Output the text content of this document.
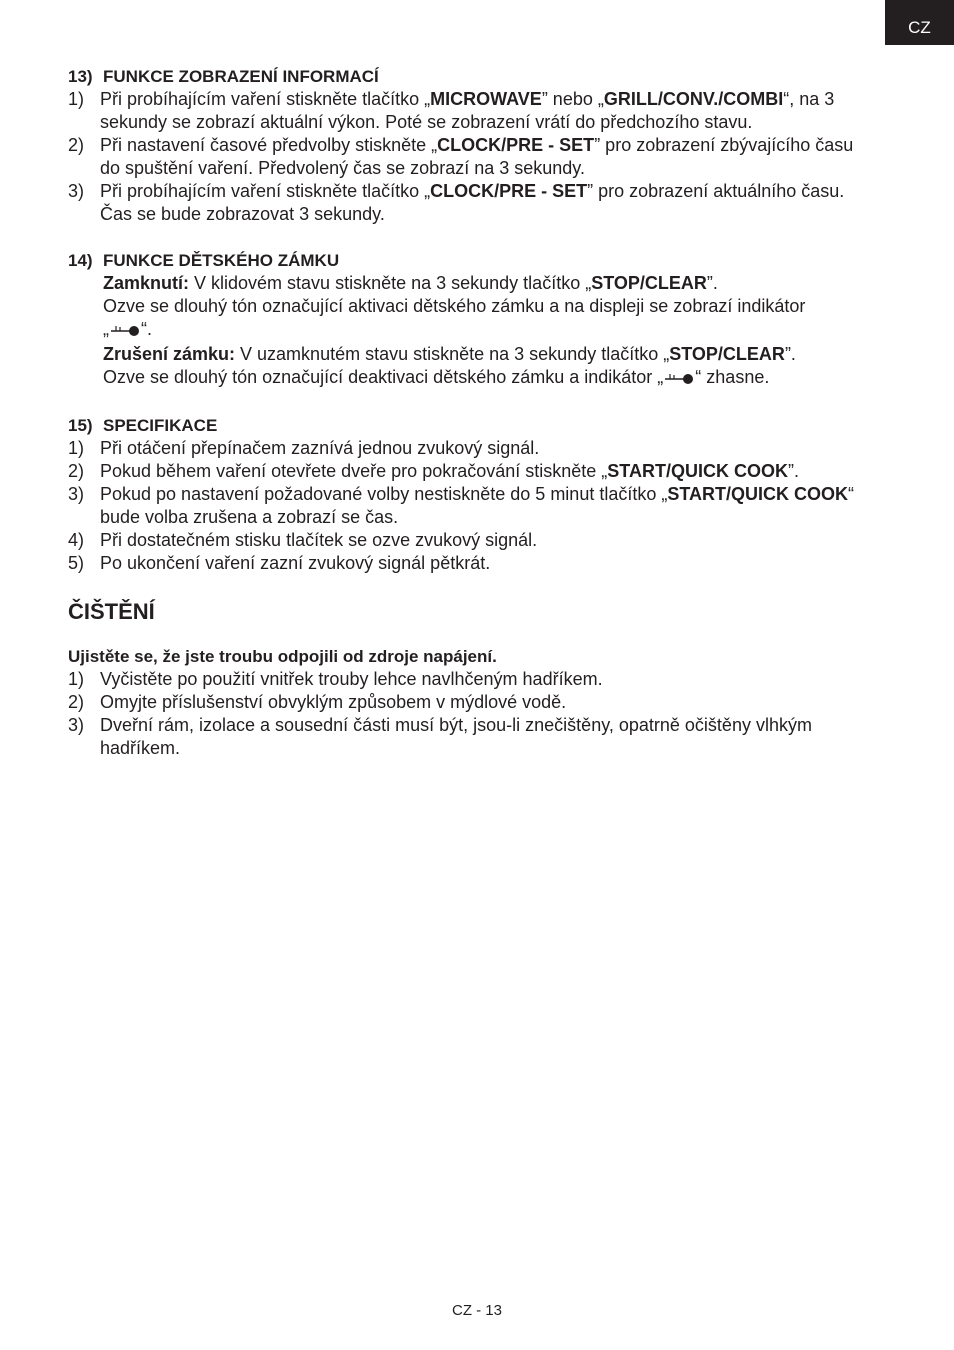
CZ
13) FUNKCE ZOBRAZENÍ INFORMACÍ
1) Při probíhajícím vaření stiskněte tlačítko „MICROWAVE” nebo „GRILL/CONV./COMBI“, na 3 sekundy se zobrazí aktuální výkon. Poté se zobrazení vrátí do předchozího stavu.
2) Při nastavení časové předvolby stiskněte „CLOCK/PRE - SET” pro zobrazení zbývajícího času do spuštění vaření. Předvolený čas se zobrazí na 3 sekundy.
3) Při probíhajícím vaření stiskněte tlačítko „CLOCK/PRE - SET” pro zobrazení aktuálního času. Čas se bude zobrazovat 3 sekundy.
14) FUNKCE DĚTSKÉHO ZÁMKU
Zamknutí: V klidovém stavu stiskněte na 3 sekundy tlačítko „STOP/CLEAR”.
Ozve se dlouhý tón označující aktivaci dětského zámku a na displeji se zobrazí indikátor
„ “.
Zrušení zámku: V uzamknutém stavu stiskněte na 3 sekundy tlačítko „STOP/CLEAR”.
Ozve se dlouhý tón označující deaktivaci dětského zámku a indikátor „ “ zhasne.
15) SPECIFIKACE
1) Při otáčení přepínačem zaznívá jednou zvukový signál.
2) Pokud během vaření otevřete dveře pro pokračování stiskněte „START/QUICK COOK”.
3) Pokud po nastavení požadované volby nestiskněte do 5 minut tlačítko „START/QUICK COOK“ bude volba zrušena a zobrazí se čas.
4) Při dostatečném stisku tlačítek se ozve zvukový signál.
5) Po ukončení vaření zazní zvukový signál pětkrát.
ČIŠTĚNÍ
Ujistěte se, že jste troubu odpojili od zdroje napájení.
1) Vyčistěte po použití vnitřek trouby lehce navlhčeným hadříkem.
2) Omyjte příslušenství obvyklým způsobem v mýdlové vodě.
3) Dveřní rám, izolace a sousední části musí být, jsou-li znečištěny, opatrně očištěny vlhkým hadříkem.
CZ - 13
